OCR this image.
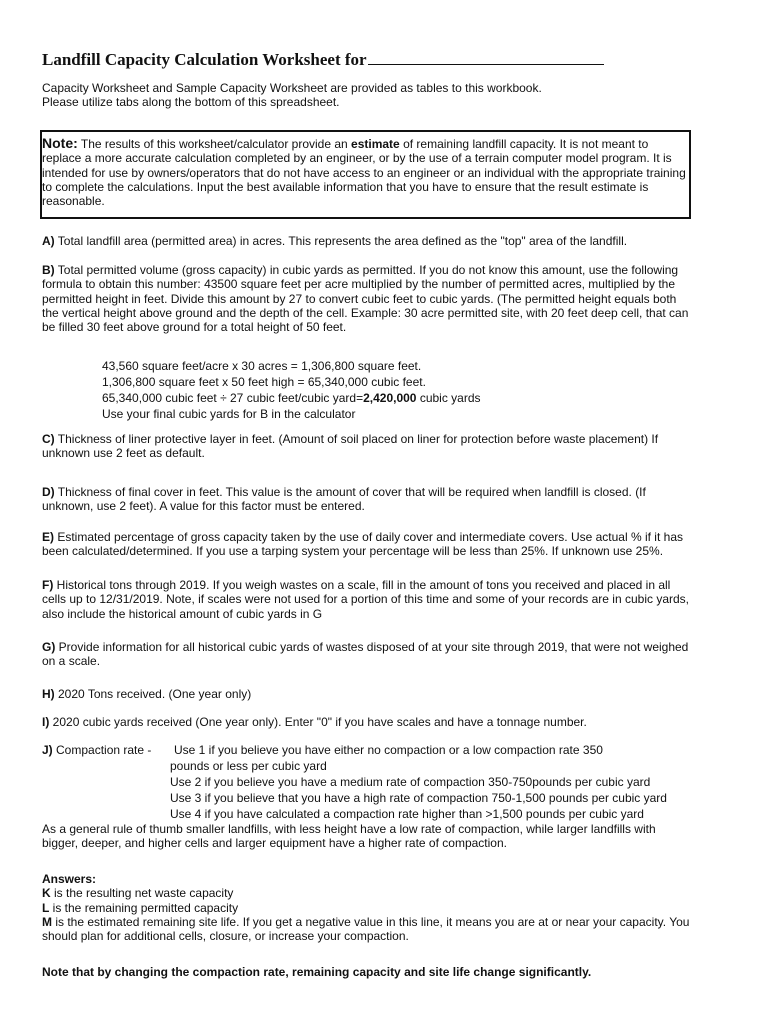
Landfill Capacity Calculation Worksheet for

Capacity Worksheet and Sample Capacity Worksheet are provided as tables to this workbook.

Please utilize tabs along the bottom of this spreadsheet.

Note: The results of this worksheet/calculator provide an estimate of remaining landfill capacity. It is not meant to replace a more accurate calculation completed by an engineer, or by the use of a terrain computer model program. It is intended for use by owners/operators that do not have access to an engineer or an individual with the appropriate training to complete the calculations. Input the best available information that you have to ensure that the result estimate is reasonable.

A) Total landfill area (permitted area) in acres. This represents the area defined as the "top" area of the landfill.

B) Total permitted volume (gross capacity) in cubic yards as permitted. If you do not know this amount, use the following formula to obtain this number: 43500 square feet per acre multiplied by the number of permitted acres, multiplied by the permitted height in feet. Divide this amount by 27 to convert cubic feet to cubic yards. (The permitted height equals both the vertical height above ground and the depth of the cell. Example: 30 acre permitted site, with 20 feet deep cell, that can be filled 30 feet above ground for a total height of 50 feet.

43,560 square feet/acre x 30 acres = 1,306,800 square feet.

1,306,800 square feet x 50 feet high = 65,340,000 cubic feet.

65,340,000 cubic feet ÷ 27 cubic feet/cubic yard=2,420,000 cubic yards

Use your final cubic yards for B in the calculator

C) Thickness of liner protective layer in feet. (Amount of soil placed on liner for protection before waste placement) If unknown use 2 feet as default.

D) Thickness of final cover in feet. This value is the amount of cover that will be required when landfill is closed. (If unknown, use 2 feet). A value for this factor must be entered.

E) Estimated percentage of gross capacity taken by the use of daily cover and intermediate covers. Use actual % if it has been calculated/determined. If you use a tarping system your percentage will be less than 25%. If unknown use 25%.

F) Historical tons through 2019. If you weigh wastes on a scale, fill in the amount of tons you received and placed in all cells up to 12/31/2019. Note, if scales were not used for a portion of this time and some of your records are in cubic yards, also include the historical amount of cubic yards in G

G) Provide information for all historical cubic yards of wastes disposed of at your site through 2019, that were not weighed on a scale.

H) 2020 Tons received. (One year only)

I) 2020 cubic yards received (One year only). Enter "0" if you have scales and have a tonnage number.

J) Compaction rate - Use 1 if you believe you have either no compaction or a low compaction rate 350
pounds or less per cubic yard
Use 2 if you believe you have a medium rate of compaction 350-750pounds per cubic yard
Use 3 if you believe that you have a high rate of compaction 750-1,500 pounds per cubic yard
Use 4 if you have calculated a compaction rate higher than >1,500 pounds per cubic yard

As a general rule of thumb smaller landfills, with less height have a low rate of compaction, while larger landfills with bigger, deeper, and higher cells and larger equipment have a higher rate of compaction.

Answers:

K is the resulting net waste capacity

L is the remaining permitted capacity

M is the estimated remaining site life. If you get a negative value in this line, it means you are at or near your capacity. You should plan for additional cells, closure, or increase your compaction.

Note that by changing the compaction rate, remaining capacity and site life change significantly.
